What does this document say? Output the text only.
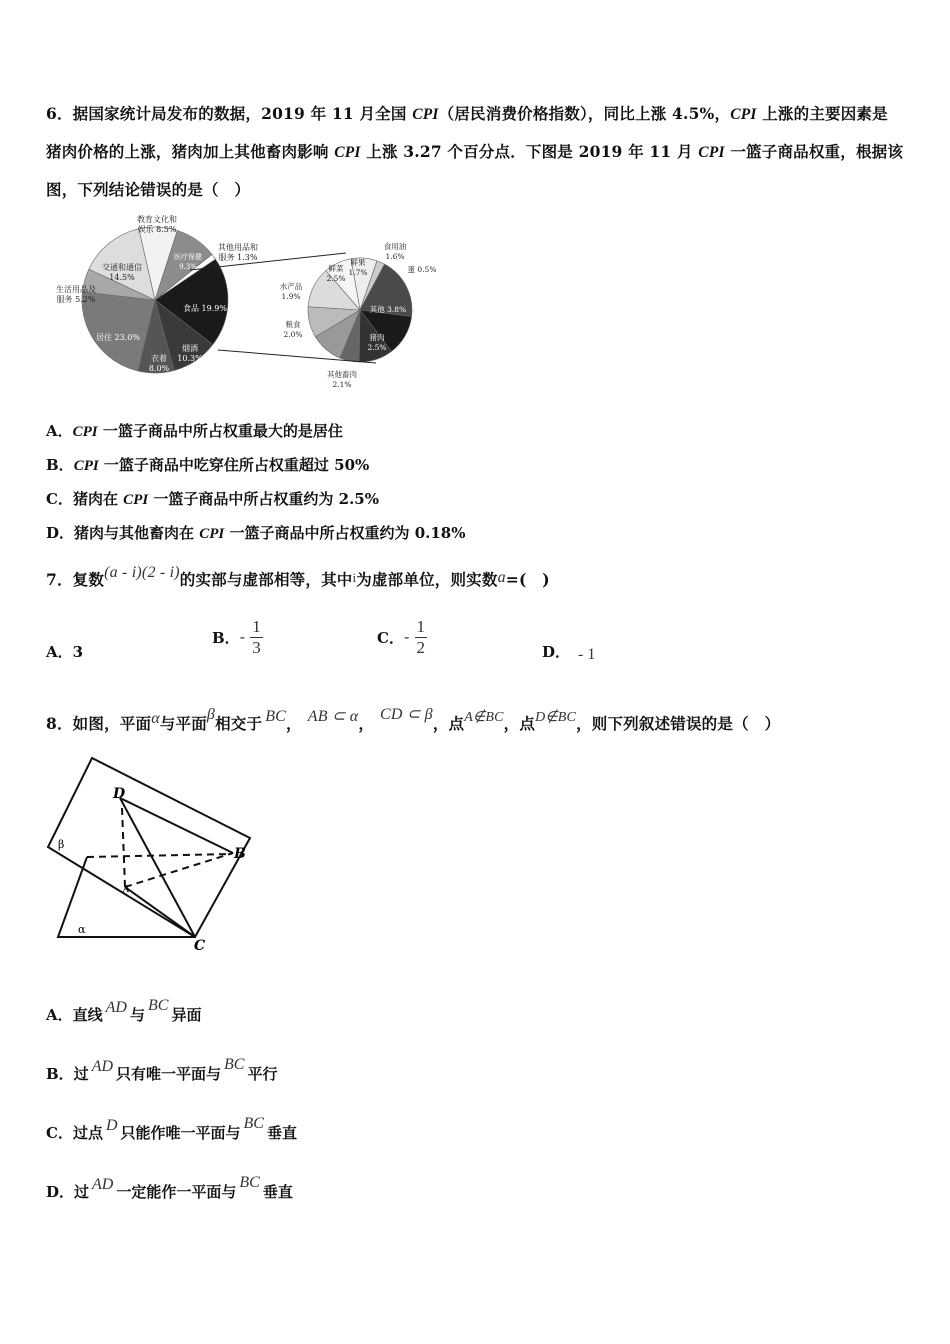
6．据国家统计局发布的数据，2019 年 11 月全国 CPI（居民消费价格指数），同比上涨 4.5%，CPI 上涨的主要因素是
猪肉价格的上涨，猪肉加上其他畜肉影响 CPI 上涨 3.27 个百分点．下图是 2019 年 11 月 CPI 一篮子商品权重，根据该
图，下列结论错误的是（　）
食品 19.9%
烟酒
10.3%
衣着
8.0%
居住 23.0%
生活用品及
服务 5.2%
交通和通信
14.5%
教育文化和
娱乐 8.5%
医疗保健
9.3%
其他用品和
服务 1.3%
食用油
1.6%
蛋 0.5%
其他 3.8%
猪肉
2.5%
其他畜肉
2.1%
禽肉
1.2%
粮食
2.0%
水产品
1.9%
鲜菜
2.5%
鲜果
1.7%
A．CPI 一篮子商品中所占权重最大的是居住
B．CPI 一篮子商品中吃穿住所占权重超过 50%
C．猪肉在 CPI 一篮子商品中所占权重约为 2.5%
D．猪肉与其他畜肉在 CPI 一篮子商品中所占权重约为 0.18%
7．复数(a - i)(2 - i)的实部与虚部相等，其中i为虚部单位，则实数a=(　)
A．3
B．- $\frac{1}{3}$	C．- $\frac{1}{2}$	D． - 1
8．如图，平面α与平面β相交于 BC， AB ⊂ α， CD ⊂ β，点A∉BC，点D∉BC，则下列叙述错误的是（　）
D
B
C
A
α
β
A．直线 AD 与BC异面
B．过 AD 只有唯一平面与BC平行
C．过点 D 只能作唯一平面与BC垂直
D．过 AD 一定能作一平面与BC垂直
